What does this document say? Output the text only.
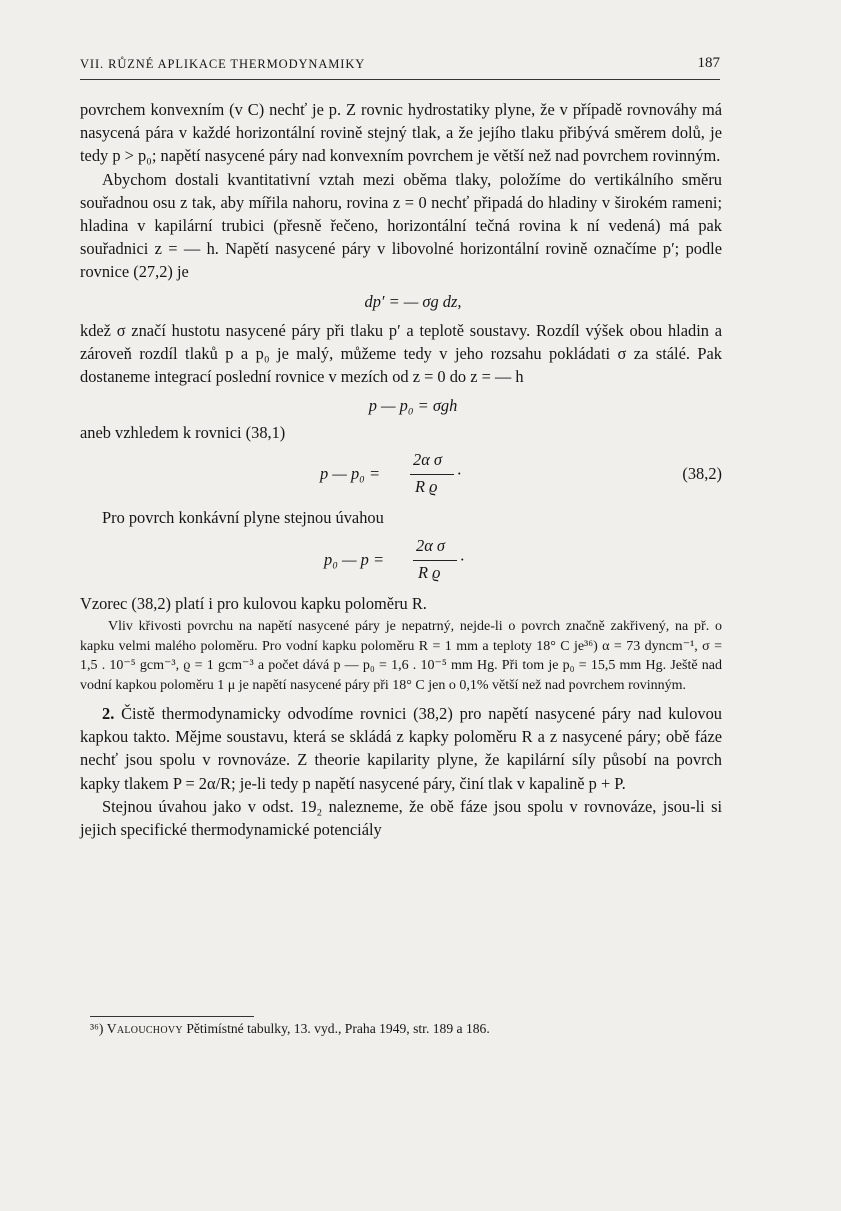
VII. RŮZNÉ APLIKACE THERMODYNAMIKY	187

povrchem konvexním (v C) nechť je p. Z rovnic hydrostatiky plyne, že v případě rovnováhy má nasycená pára v každé horizontální rovině stejný tlak, a že jejího tlaku přibývá směrem dolů, je tedy p > p₀; napětí nasycené páry nad konvexním povrchem je větší než nad povrchem rovinným.

Abychom dostali kvantitativní vztah mezi oběma tlaky, položíme do vertikálního směru souřadnou osu z tak, aby mířila nahoru, rovina z = 0 nechť připadá do hladiny v širokém rameni; hladina v kapilární trubici (přesně řečeno, horizontální tečná rovina k ní vedená) má pak souřadnici z = — h. Napětí nasycené páry v libovolné horizontální rovině označíme p′; podle rovnice (27,2) je

dp′ = — σg dz,

kdež σ značí hustotu nasycené páry při tlaku p′ a teplotě soustavy. Rozdíl výšek obou hladin a zároveň rozdíl tlaků p a p₀ je malý, můžeme tedy v jeho rozsahu pokládati σ za stálé. Pak dostaneme integrací poslední rovnice v mezích od z = 0 do z = — h

p — p₀ = σgh

aneb vzhledem k rovnici (38,1)

p — p₀ =
2α σ
R ϱ
·	(38,2)

Pro povrch konkávní plyne stejnou úvahou

p₀ — p =
2α σ
R ϱ
·

Vzorec (38,2) platí i pro kulovou kapku poloměru R.

Vliv křivosti povrchu na napětí nasycené páry je nepatrný, nejde-li o povrch značně zakřivený, na př. o kapku velmi malého poloměru. Pro vodní kapku poloměru R = 1 mm a teploty 18° C je³⁶) α = 73 dyncm⁻¹, σ = 1,5 . 10⁻⁵ gcm⁻³, ϱ = 1 gcm⁻³ a počet dává p — p₀ = 1,6 . 10⁻⁵ mm Hg. Při tom je p₀ = 15,5 mm Hg. Ještě nad vodní kapkou poloměru 1 μ je napětí nasycené páry při 18° C jen o 0,1% větší než nad povrchem rovinným.

2. Čistě thermodynamicky odvodíme rovnici (38,2) pro napětí nasycené páry nad kulovou kapkou takto. Mějme soustavu, která se skládá z kapky poloměru R a z nasycené páry; obě fáze nechť jsou spolu v rovnováze. Z theorie kapilarity plyne, že kapilární síly působí na povrch kapky tlakem P = 2α/R; je-li tedy p napětí nasycené páry, činí tlak v kapalině p + P.

Stejnou úvahou jako v odst. 19₂ nalezneme, že obě fáze jsou spolu v rovnováze, jsou-li si jejich specifické thermodynamické potenciály

³⁶) Valouchovy Pětimístné tabulky, 13. vyd., Praha 1949, str. 189 a 186.
